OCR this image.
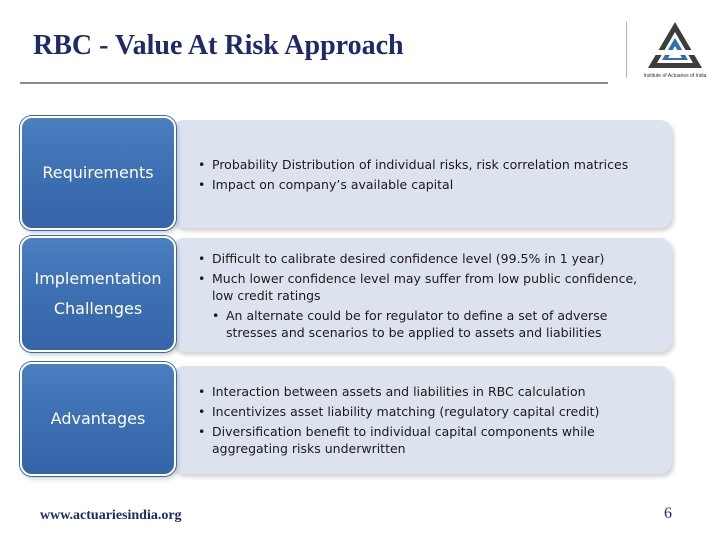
RBC - Value At Risk Approach
Institute of Actuaries of India
• Probability Distribution of individual risks, risk correlation matrices
• Impact on company’s available capital
Requirements
• Difficult to calibrate desired confidence level (99.5% in 1 year)
• Much lower confidence level may suffer from low public confidence, low credit ratings
• An alternate could be for regulator to define a set of adverse stresses and scenarios to be applied to assets and liabilities
Implementation
Challenges
• Interaction between assets and liabilities in RBC calculation
• Incentivizes asset liability matching (regulatory capital credit)
• Diversification benefit to individual capital components while aggregating risks underwritten
Advantages
www.actuariesindia.org	6
